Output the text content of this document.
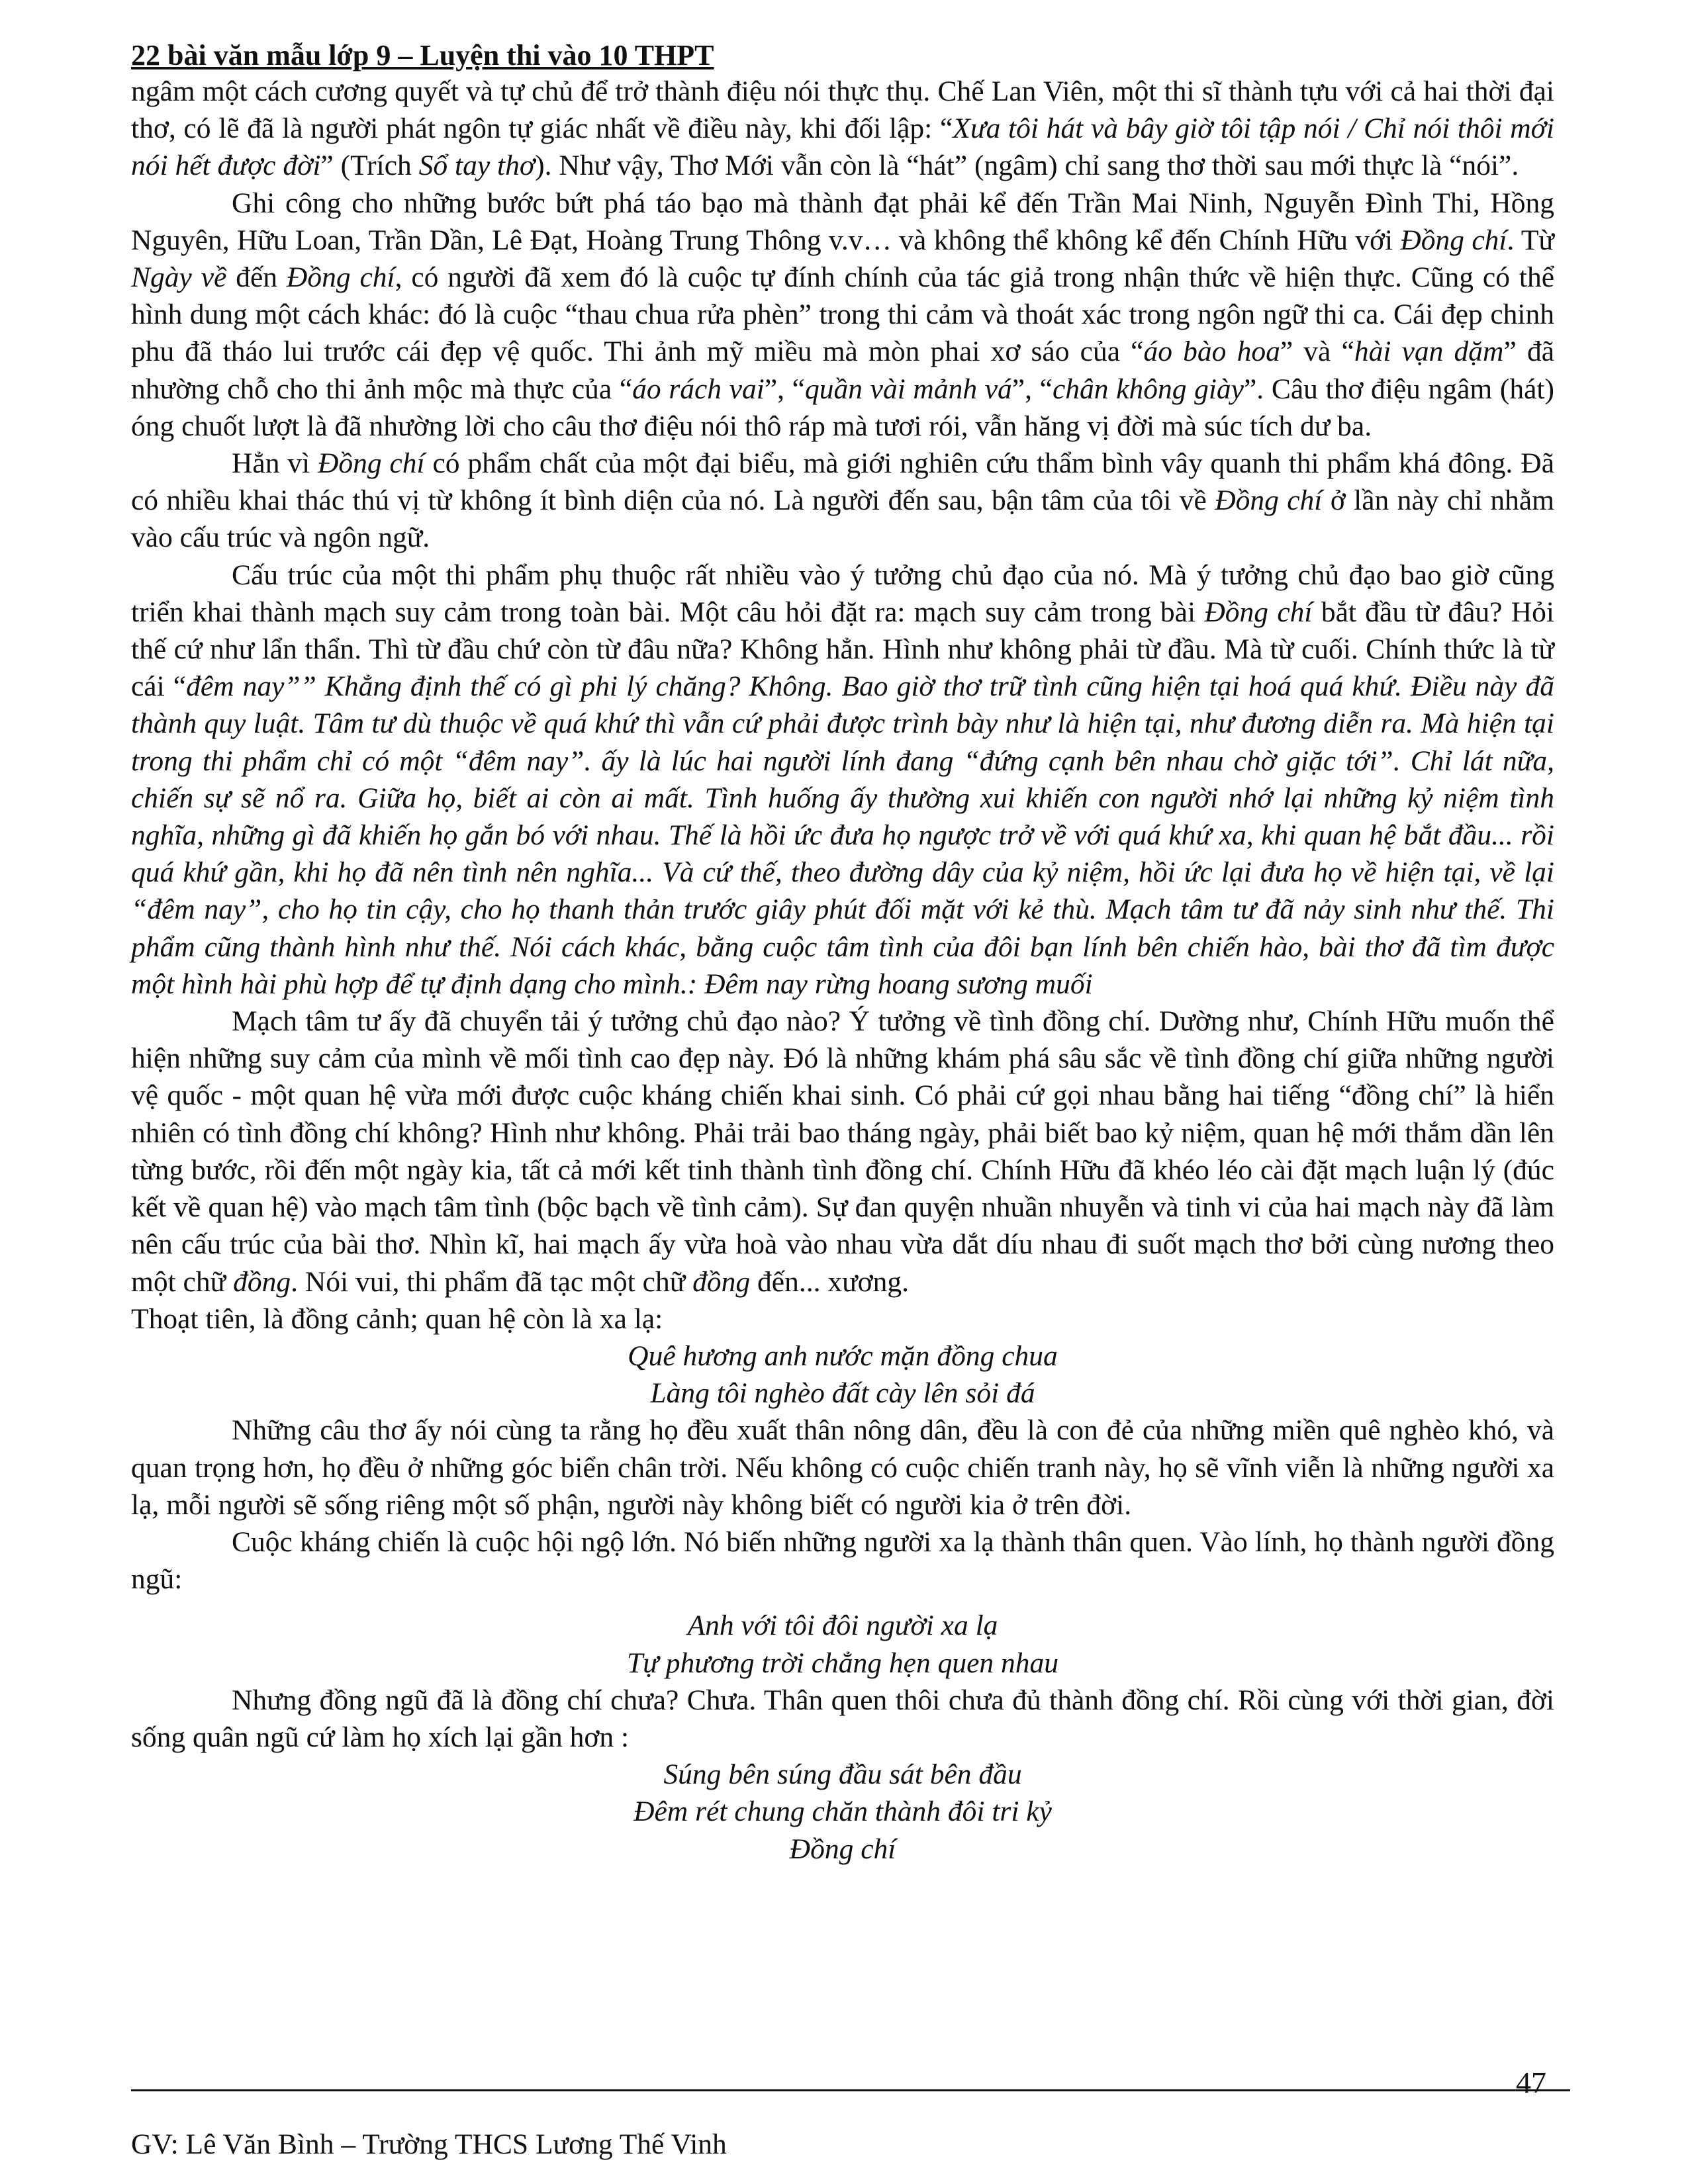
22 bài văn mẫu lớp 9 – Luyện thi vào 10 THPT

ngâm một cách cương quyết và tự chủ để trở thành điệu nói thực thụ. Chế Lan Viên, một thi sĩ thành tựu với cả hai thời đại thơ, có lẽ đã là người phát ngôn tự giác nhất về điều này, khi đối lập: “Xưa tôi hát và bây giờ tôi tập nói / Chỉ nói thôi mới nói hết được đời” (Trích Sổ tay thơ). Như vậy, Thơ Mới vẫn còn là “hát” (ngâm) chỉ sang thơ thời sau mới thực là “nói”.

Ghi công cho những bước bứt phá táo bạo mà thành đạt phải kể đến Trần Mai Ninh, Nguyễn Đình Thi, Hồng Nguyên, Hữu Loan, Trần Dần, Lê Đạt, Hoàng Trung Thông v.v… và không thể không kể đến Chính Hữu với Đồng chí. Từ Ngày về đến Đồng chí, có người đã xem đó là cuộc tự đính chính của tác giả trong nhận thức về hiện thực. Cũng có thể hình dung một cách khác: đó là cuộc “thau chua rửa phèn” trong thi cảm và thoát xác trong ngôn ngữ thi ca. Cái đẹp chinh phu đã tháo lui trước cái đẹp vệ quốc. Thi ảnh mỹ miều mà mòn phai xơ sáo của “áo bào hoa” và “hài vạn dặm” đã nhường chỗ cho thi ảnh mộc mà thực của “áo rách vai”, “quần vài mảnh vá”, “chân không giày”. Câu thơ điệu ngâm (hát) óng chuốt lượt là đã nhường lời cho câu thơ điệu nói thô ráp mà tươi rói, vẫn hăng vị đời mà súc tích dư ba.

Hẳn vì Đồng chí có phẩm chất của một đại biểu, mà giới nghiên cứu thẩm bình vây quanh thi phẩm khá đông. Đã có nhiều khai thác thú vị từ không ít bình diện của nó. Là người đến sau, bận tâm của tôi về Đồng chí ở lần này chỉ nhằm vào cấu trúc và ngôn ngữ.

Cấu trúc của một thi phẩm phụ thuộc rất nhiều vào ý tưởng chủ đạo của nó. Mà ý tưởng chủ đạo bao giờ cũng triển khai thành mạch suy cảm trong toàn bài. Một câu hỏi đặt ra: mạch suy cảm trong bài Đồng chí bắt đầu từ đâu? Hỏi thế cứ như lẩn thẩn. Thì từ đầu chứ còn từ đâu nữa? Không hẳn. Hình như không phải từ đầu. Mà từ cuối. Chính thức là từ cái “đêm nay”” Khẳng định thế có gì phi lý chăng? Không. Bao giờ thơ trữ tình cũng hiện tại hoá quá khứ. Điều này đã thành quy luật. Tâm tư dù thuộc về quá khứ thì vẫn cứ phải được trình bày như là hiện tại, như đương diễn ra. Mà hiện tại trong thi phẩm chỉ có một “đêm nay”. ấy là lúc hai người lính đang “đứng cạnh bên nhau chờ giặc tới”. Chỉ lát nữa, chiến sự sẽ nổ ra. Giữa họ, biết ai còn ai mất. Tình huống ấy thường xui khiến con người nhớ lại những kỷ niệm tình nghĩa, những gì đã khiến họ gắn bó với nhau. Thế là hồi ức đưa họ ngược trở về với quá khứ xa, khi quan hệ bắt đầu... rồi quá khứ gần, khi họ đã nên tình nên nghĩa... Và cứ thế, theo đường dây của kỷ niệm, hồi ức lại đưa họ về hiện tại, về lại “đêm nay”, cho họ tin cậy, cho họ thanh thản trước giây phút đối mặt với kẻ thù. Mạch tâm tư đã nảy sinh như thế. Thi phẩm cũng thành hình như thế. Nói cách khác, bằng cuộc tâm tình của đôi bạn lính bên chiến hào, bài thơ đã tìm được một hình hài phù hợp để tự định dạng cho mình.: Đêm nay rừng hoang sương muối

Mạch tâm tư ấy đã chuyển tải ý tưởng chủ đạo nào? Ý tưởng về tình đồng chí. Dường như, Chính Hữu muốn thể hiện những suy cảm của mình về mối tình cao đẹp này. Đó là những khám phá sâu sắc về tình đồng chí giữa những người vệ quốc - một quan hệ vừa mới được cuộc kháng chiến khai sinh. Có phải cứ gọi nhau bằng hai tiếng “đồng chí” là hiển nhiên có tình đồng chí không? Hình như không. Phải trải bao tháng ngày, phải biết bao kỷ niệm, quan hệ mới thắm dần lên từng bước, rồi đến một ngày kia, tất cả mới kết tinh thành tình đồng chí. Chính Hữu đã khéo léo cài đặt mạch luận lý (đúc kết về quan hệ) vào mạch tâm tình (bộc bạch về tình cảm). Sự đan quyện nhuần nhuyễn và tinh vi của hai mạch này đã làm nên cấu trúc của bài thơ. Nhìn kĩ, hai mạch ấy vừa hoà vào nhau vừa dắt díu nhau đi suốt mạch thơ bởi cùng nương theo một chữ đồng. Nói vui, thi phẩm đã tạc một chữ đồng đến... xương.

Thoạt tiên, là đồng cảnh; quan hệ còn là xa lạ:

Quê hương anh nước mặn đồng chua

Làng tôi nghèo đất cày lên sỏi đá

Những câu thơ ấy nói cùng ta rằng họ đều xuất thân nông dân, đều là con đẻ của những miền quê nghèo khó, và quan trọng hơn, họ đều ở những góc biển chân trời. Nếu không có cuộc chiến tranh này, họ sẽ vĩnh viễn là những người xa lạ, mỗi người sẽ sống riêng một số phận, người này không biết có người kia ở trên đời.

Cuộc kháng chiến là cuộc hội ngộ lớn. Nó biến những người xa lạ thành thân quen. Vào lính, họ thành người đồng ngũ:

Anh với tôi đôi người xa lạ

Tự phương trời chẳng hẹn quen nhau

Nhưng đồng ngũ đã là đồng chí chưa? Chưa. Thân quen thôi chưa đủ thành đồng chí. Rồi cùng với thời gian, đời sống quân ngũ cứ làm họ xích lại gần hơn :

Súng bên súng đầu sát bên đầu

Đêm rét chung chăn thành đôi tri kỷ

Đồng chí

47
GV: Lê Văn Bình – Trường THCS Lương Thế Vinh
